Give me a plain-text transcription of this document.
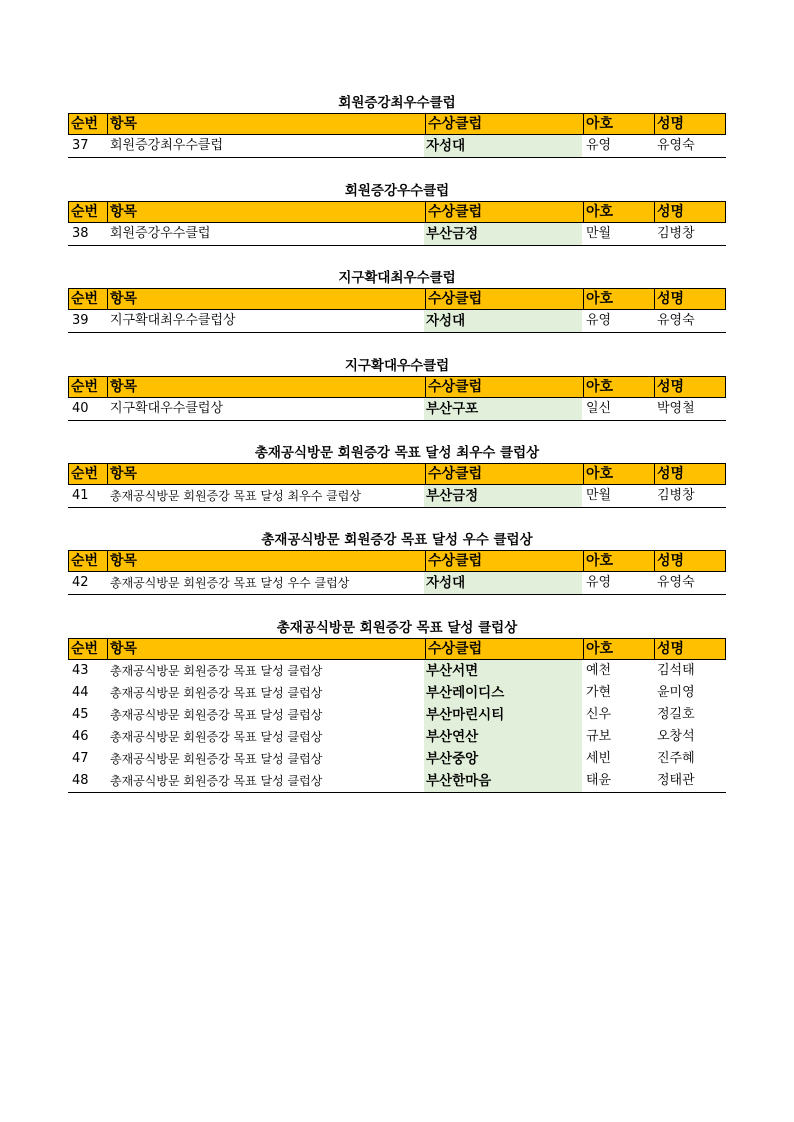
회원증강최우수클럽
순번 항목	수상클럽	아호	성명
37	회원증강최우수클럽	자성대	유영	유영숙
회원증강우수클럽
순번 항목	수상클럽	아호	성명
38	회원증강우수클럽	부산금정	만월	김병창
지구확대최우수클럽
순번 항목	수상클럽	아호	성명
39	지구확대최우수클럽상	자성대	유영	유영숙
지구확대우수클럽
순번 항목	수상클럽	아호	성명
40	지구확대우수클럽상	부산구포	일신	박영철
총재공식방문 회원증강 목표 달성 최우수 클럽상
순번 항목	수상클럽	아호	성명
41	총재공식방문 회원증강 목표 달성 최우수 클럽상	부산금정	만월	김병창
총재공식방문 회원증강 목표 달성 우수 클럽상
순번 항목	수상클럽	아호	성명
42	총재공식방문 회원증강 목표 달성 우수 클럽상	자성대	유영	유영숙
총재공식방문 회원증강 목표 달성 클럽상
순번 항목	수상클럽	아호	성명
43	총재공식방문 회원증강 목표 달성 클럽상	부산서면	예천	김석태
44	총재공식방문 회원증강 목표 달성 클럽상	부산레이디스	가현	윤미영
45	총재공식방문 회원증강 목표 달성 클럽상	부산마린시티	신우	정길호
46	총재공식방문 회원증강 목표 달성 클럽상	부산연산	규보	오창석
47	총재공식방문 회원증강 목표 달성 클럽상	부산중앙	세빈	진주혜
48	총재공식방문 회원증강 목표 달성 클럽상	부산한마음	태윤	정태관
